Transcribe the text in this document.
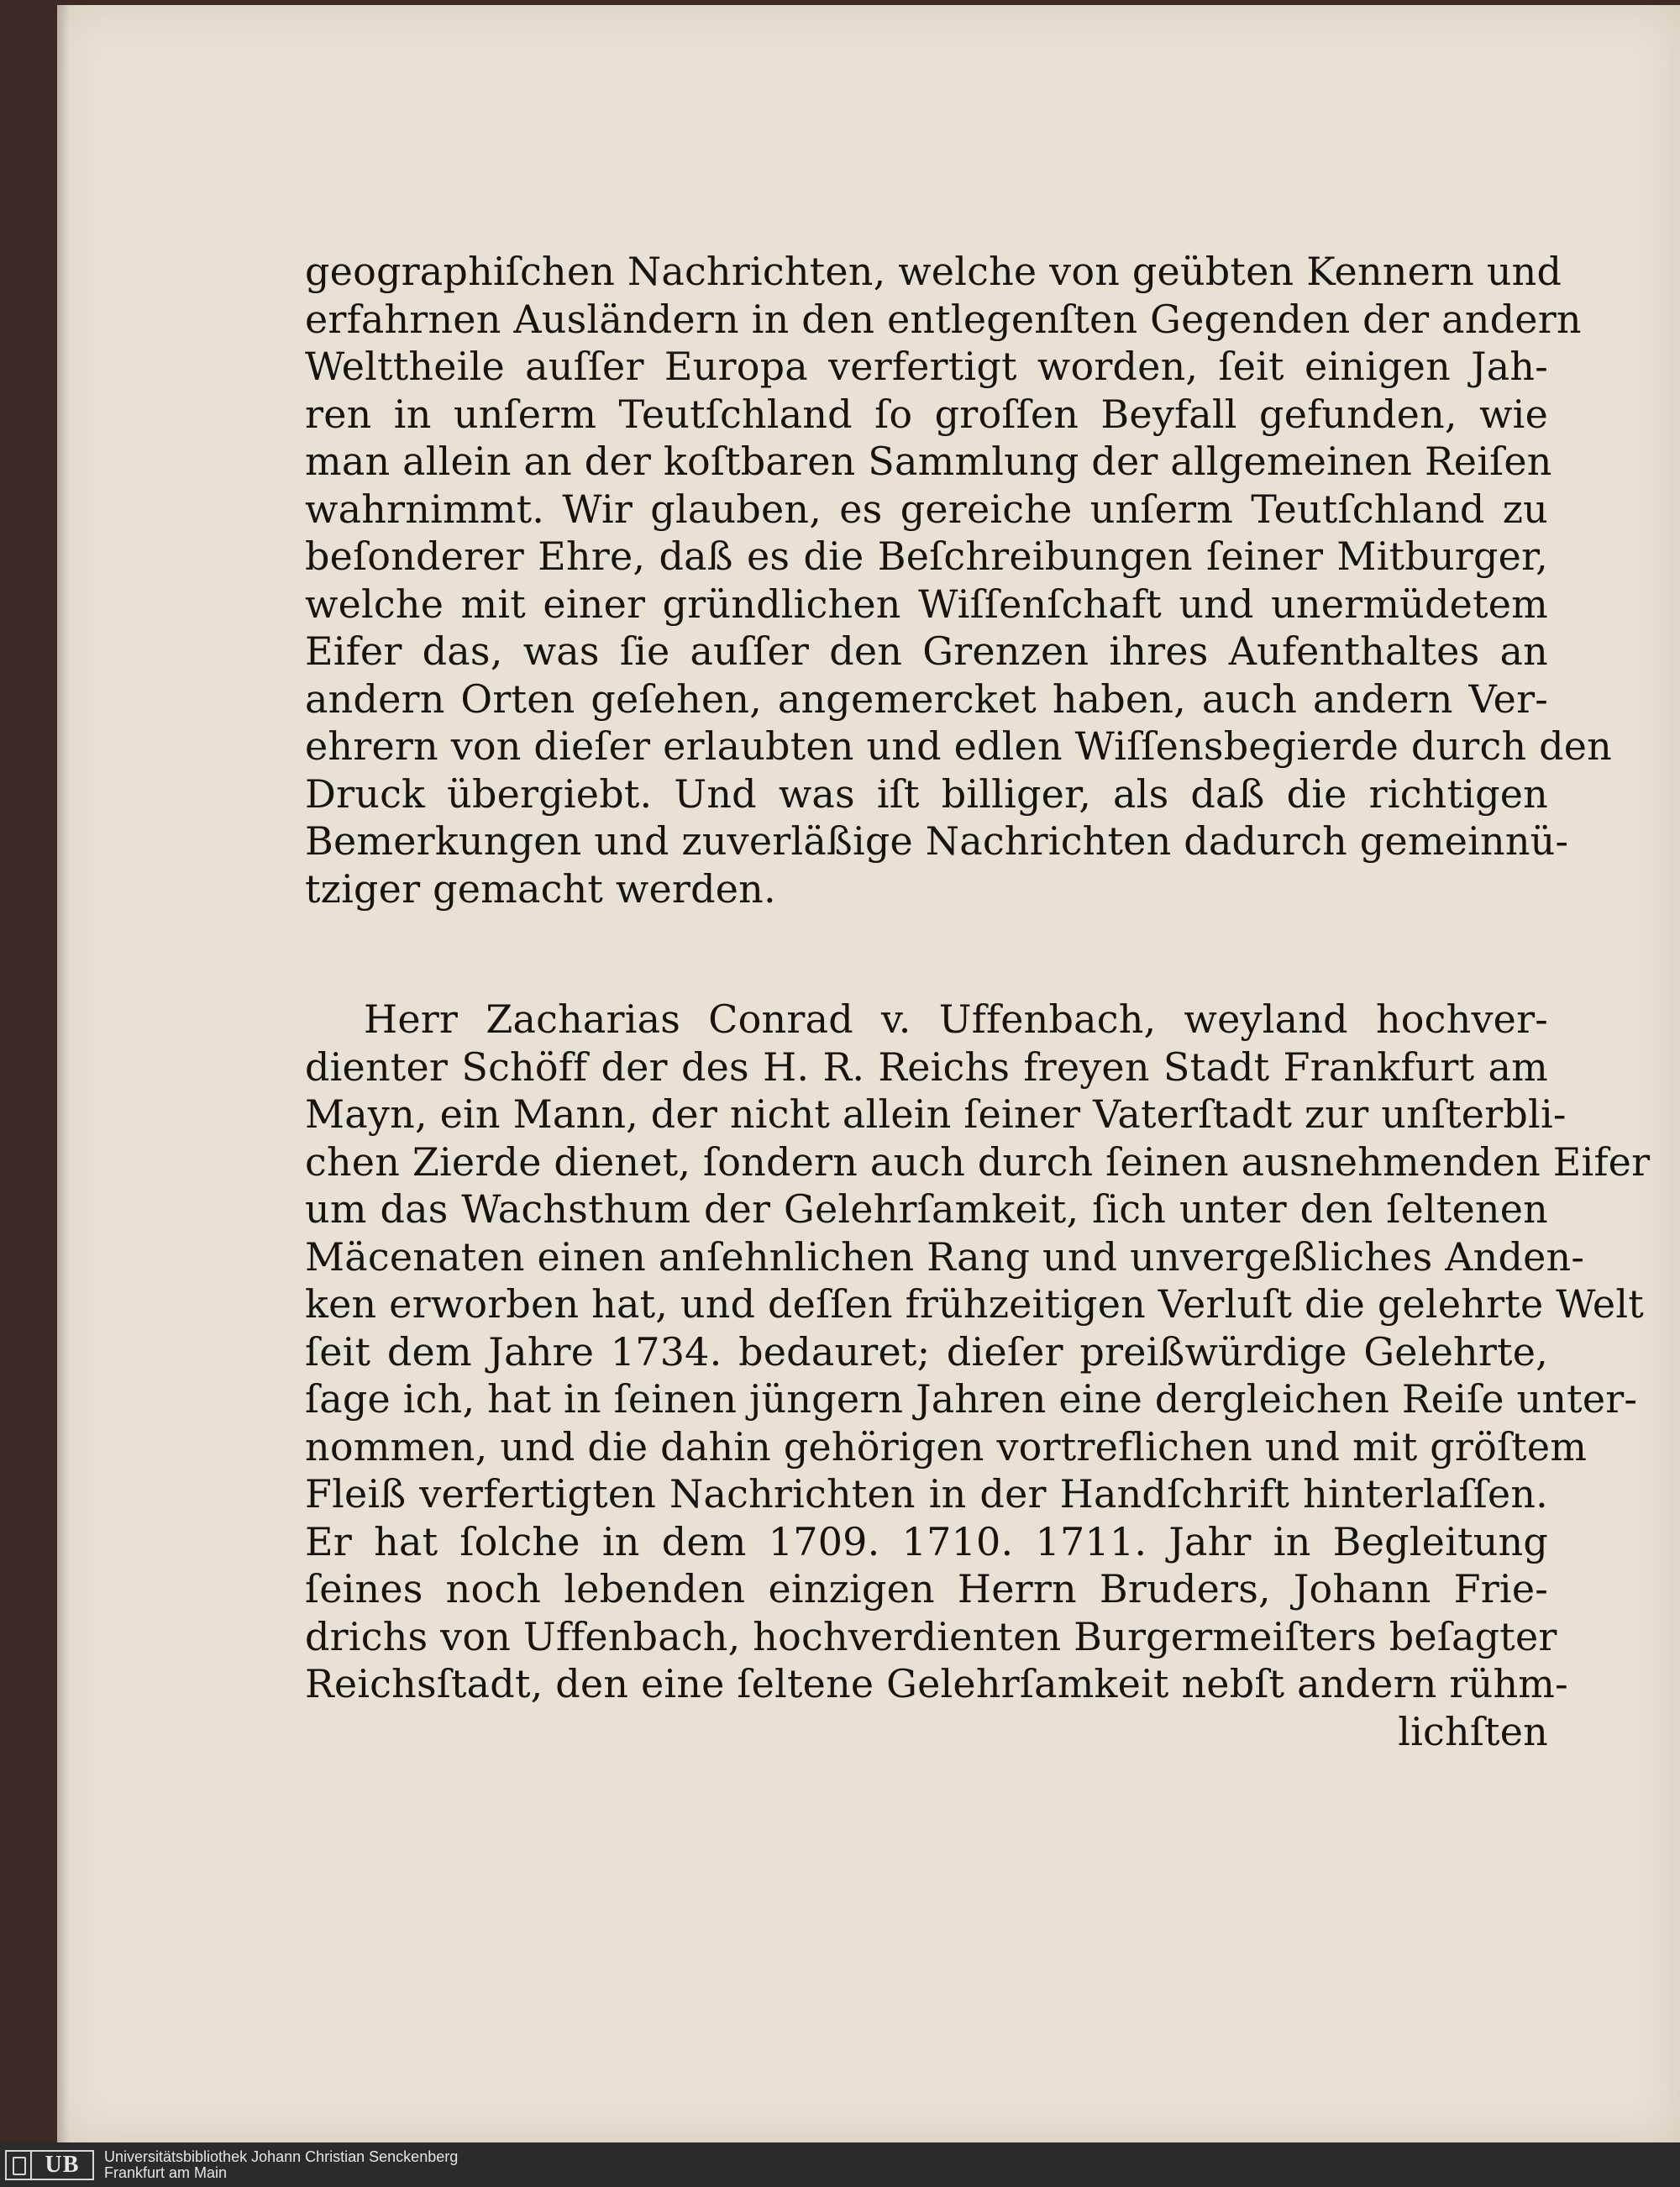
geographiſchen Nachrichten, welche von geübten Kennern und
erfahrnen Ausländern in den entlegenſten Gegenden der andern
Welttheile auſſer Europa verfertigt worden, ſeit einigen Jah-
ren in unſerm Teutſchland ſo groſſen Beyfall gefunden, wie
man allein an der koſtbaren Sammlung der allgemeinen Reiſen
wahrnimmt. Wir glauben, es gereiche unſerm Teutſchland zu
beſonderer Ehre, daß es die Beſchreibungen ſeiner Mitburger,
welche mit einer gründlichen Wiſſenſchaft und unermüdetem
Eifer das, was ſie auſſer den Grenzen ihres Aufenthaltes an
andern Orten geſehen, angemercket haben, auch andern Ver-
ehrern von dieſer erlaubten und edlen Wiſſensbegierde durch den
Druck übergiebt. Und was iſt billiger, als daß die richtigen
Bemerkungen und zuverläßige Nachrichten dadurch gemeinnü-
tziger gemacht werden.
Herr Zacharias Conrad v. Uffenbach, weyland hochver-
dienter Schöff der des H. R. Reichs freyen Stadt Frankfurt am
Mayn, ein Mann, der nicht allein ſeiner Vaterſtadt zur unſterbli-
chen Zierde dienet, ſondern auch durch ſeinen ausnehmenden Eifer
um das Wachsthum der Gelehrſamkeit, ſich unter den ſeltenen
Mäcenaten einen anſehnlichen Rang und unvergeßliches Anden-
ken erworben hat, und deſſen frühzeitigen Verluſt die gelehrte Welt
ſeit dem Jahre 1734. bedauret; dieſer preißwürdige Gelehrte,
ſage ich, hat in ſeinen jüngern Jahren eine dergleichen Reiſe unter-
nommen, und die dahin gehörigen vortreflichen und mit gröſtem
Fleiß verfertigten Nachrichten in der Handſchrift hinterlaſſen.
Er hat ſolche in dem 1709. 1710. 1711. Jahr in Begleitung
ſeines noch lebenden einzigen Herrn Bruders, Johann Frie-
drichs von Uffenbach, hochverdienten Burgermeiſters beſagter
Reichsſtadt, den eine ſeltene Gelehrſamkeit nebſt andern rühm-
lichſten
UB	Universitätsbibliothek Johann Christian Senckenberg
Frankfurt am Main
